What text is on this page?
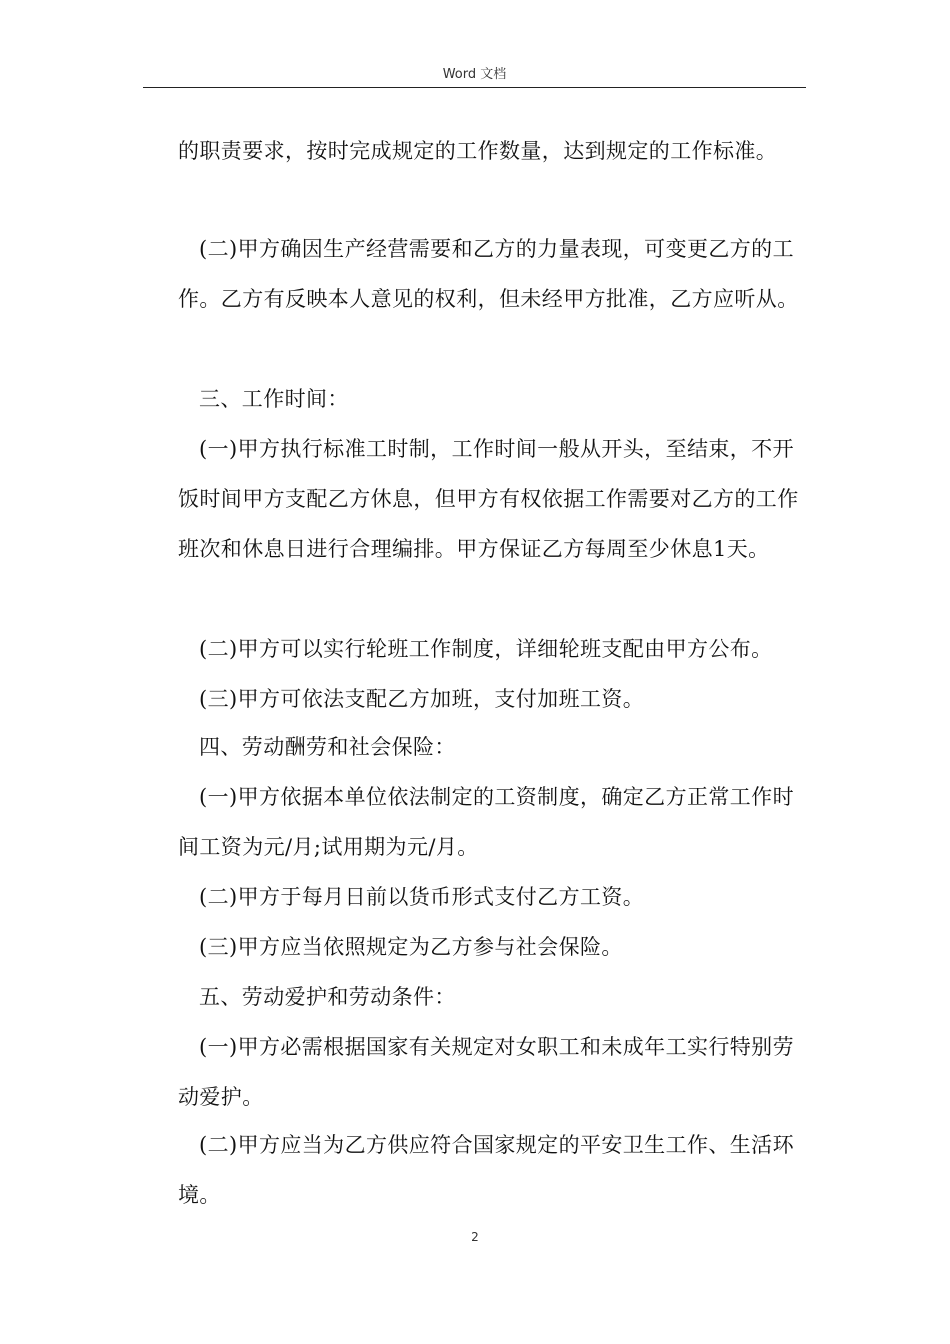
Word 文档

的职责要求，按时完成规定的工作数量，达到规定的工作标准。

(二)甲方确因生产经营需要和乙方的力量表现，可变更乙方的工作。乙方有反映本人意见的权利，但未经甲方批准，乙方应听从。

三、工作时间：

(一)甲方执行标准工时制，工作时间一般从开头，至结束，不开饭时间甲方支配乙方休息，但甲方有权依据工作需要对乙方的工作班次和休息日进行合理编排。甲方保证乙方每周至少休息1天。

(二)甲方可以实行轮班工作制度，详细轮班支配由甲方公布。

(三)甲方可依法支配乙方加班，支付加班工资。

四、劳动酬劳和社会保险：

(一)甲方依据本单位依法制定的工资制度，确定乙方正常工作时间工资为元/月;试用期为元/月。

(二)甲方于每月日前以货币形式支付乙方工资。

(三)甲方应当依照规定为乙方参与社会保险。

五、劳动爱护和劳动条件：

(一)甲方必需根据国家有关规定对女职工和未成年工实行特别劳动爱护。

(二)甲方应当为乙方供应符合国家规定的平安卫生工作、生活环境。

2
